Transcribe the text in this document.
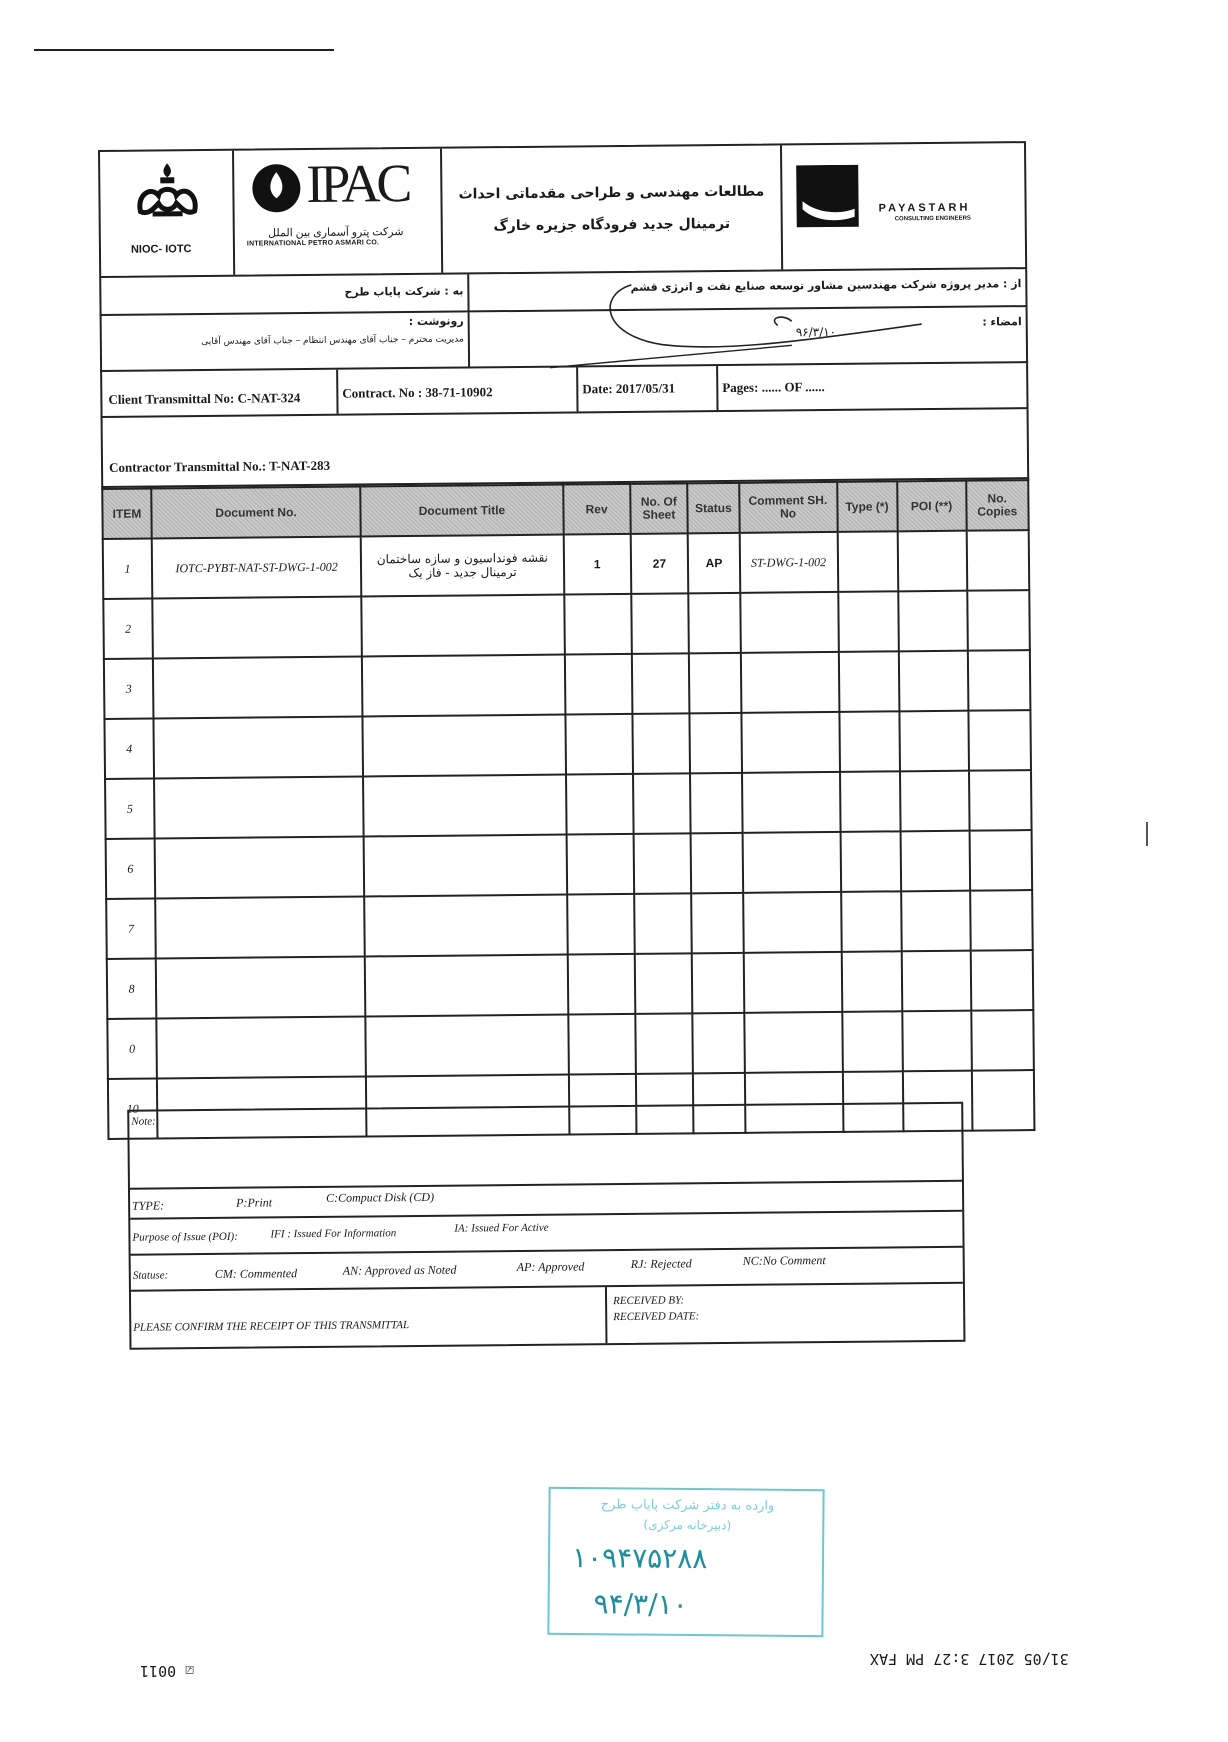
NIOC- IOTC
IPAC
شرکت پترو آسماری بین الملل
INTERNATIONAL PETRO ASMARI CO.
مطالعات مهندسی و طراحی مقدماتی احداث ترمینال جدید فرودگاه جزیره خارگ
PAYASTARH
CONSULTING ENGINEERS
به : شرکت پایاب طرح	از : مدیر پروژه شرکت مهندسین مشاور توسعه صنایع نفت و انرژی قشم
رونوشت :
مدیریت محترم – جناب آقای مهندس انتظام – جناب آقای مهندس آقایی
امضاء :
۹۶/۳/۱۰
Client Transmittal No: C-NAT-324	Contract. No : 38-71-10902	Date: 2017/05/31	Pages: ...... OF ......
Contractor Transmittal No.: T-NAT-283
ITEM	Document No.	Document Title	Rev	No. Of Sheet	Status	Comment SH. No	Type (*)	POI (**)	No. Copies
1	IOTC-PYBT-NAT-ST-DWG-1-002	نقشه فونداسیون و سازه ساختمان ترمینال جدید - فاز یک	1	27	AP	ST-DWG-1-002			
2									
3									
4									
5									
6									
7									
8									
0									
10									
Note:
TYPE:	P:Print	C:Compuct Disk (CD)
Purpose of Issue (POI):	IFI : Issued For Information	IA: Issued For Active
Statuse:	CM: Commented	AN: Approved as Noted	AP: Approved	RJ: Rejected	NC:No Comment
PLEASE CONFIRM THE RECEIPT OF THIS TRANSMITTAL
RECEIVED BY:
RECEIVED DATE:
وارده به دفتر شرکت پایاب طرح
(دبیرخانه مرکزی)
۱۰۹۴۷۵۲۸۸
۹۴/۳/۱۰
☑ 0011
31/05 2017 3:27 PM FAX
